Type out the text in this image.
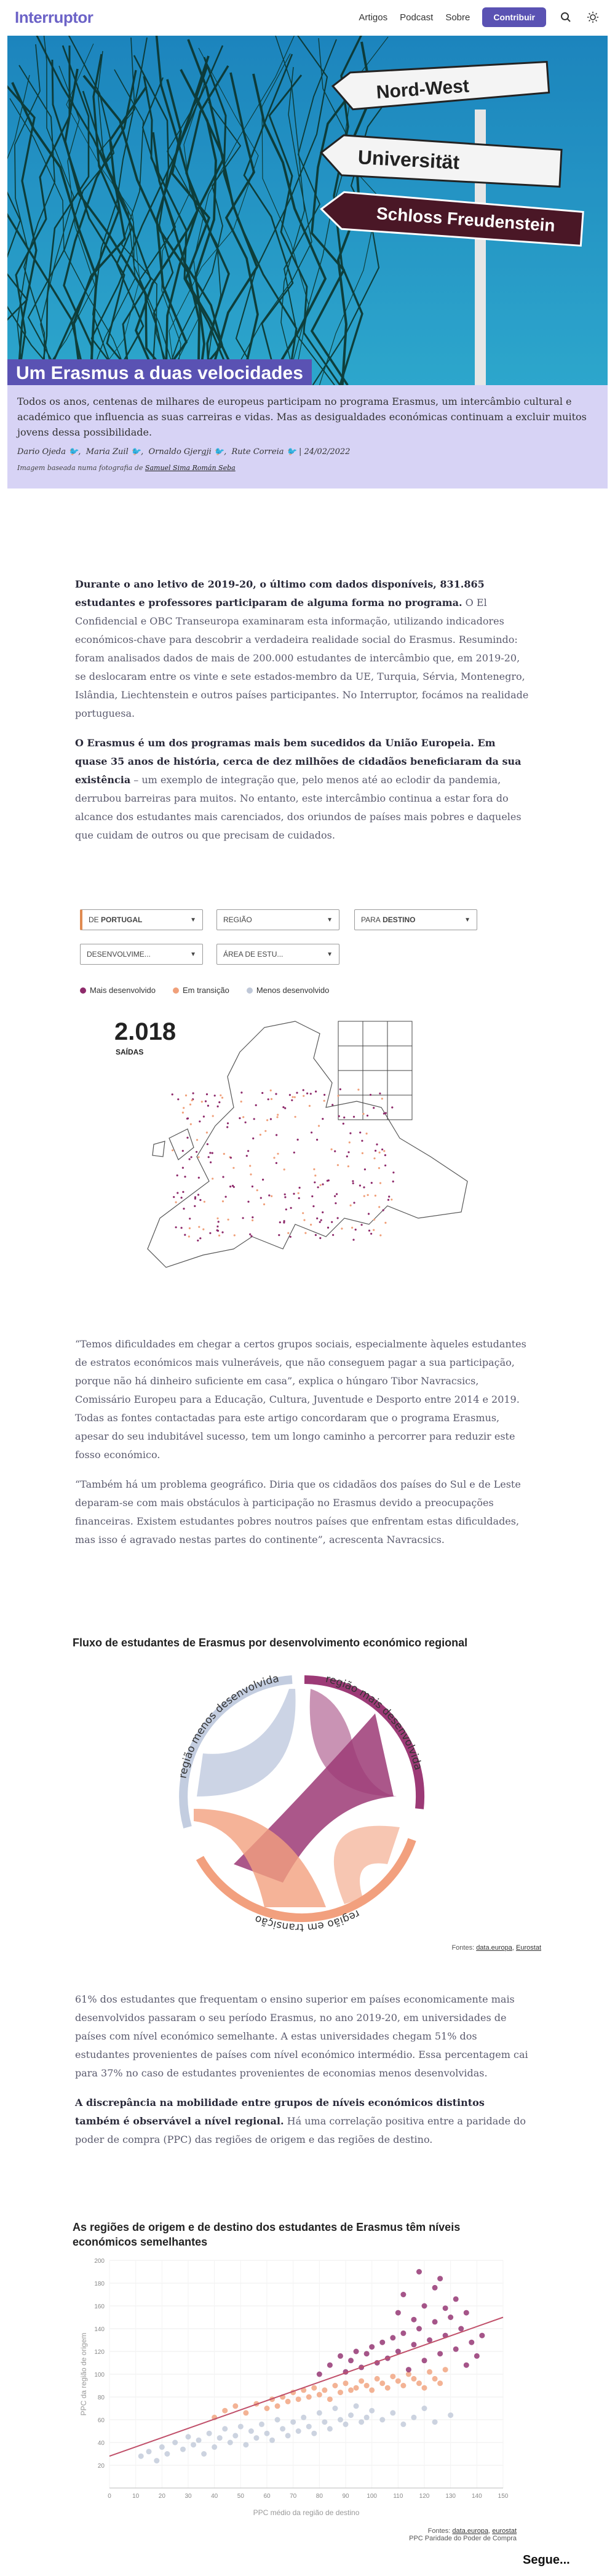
Interruptor	Artigos Podcast Sobre	Contribuir
Nord-West
Universität
Schloss Freudenstein
Um Erasmus a duas velocidades

Todos os anos, centenas de milhares de europeus participam no programa Erasmus, um intercâmbio cultural e académico que influencia as suas carreiras e vidas. Mas as desigualdades económicas continuam a excluir muitos jovens dessa possibilidade.

Dario Ojeda 🐦,  Maria Zuil 🐦,  Ornaldo Gjergji 🐦,  Rute Correia 🐦 | 24/02/2022
Imagem baseada numa fotografia de Samuel Sima Román Seba

Durante o ano letivo de 2019-20, o último com dados disponíveis, 831.865 estudantes e professores participaram de alguma forma no programa. O El Confidencial e OBC Transeuropa examinaram esta informação, utilizando indicadores económicos-chave para descobrir a verdadeira realidade social do Erasmus. Resumindo: foram analisados dados de mais de 200.000 estudantes de intercâmbio que, em 2019-20, se deslocaram entre os vinte e sete estados-membro da UE, Turquia, Sérvia, Montenegro, Islândia, Liechtenstein e outros países participantes. No Interruptor, focámos na realidade portuguesa.

O Erasmus é um dos programas mais bem sucedidos da União Europeia. Em quase 35 anos de história, cerca de dez milhões de cidadãos beneficiaram da sua existência – um exemplo de integração que, pelo menos até ao eclodir da pandemia, derrubou barreiras para muitos. No entanto, este intercâmbio continua a estar fora do alcance dos estudantes mais carenciados, dos oriundos de países mais pobres e daqueles que cuidam de outros ou que precisam de cuidados.

DE
PORTUGAL	▼	REGIÃO	▼	PARA
DESTINO	▼
DESENVOLVIME...	▼	ÁREA DE ESTU...	▼
Mais desenvolvido	Em transição	Menos desenvolvido
2.018
SAÍDAS

“Temos dificuldades em chegar a certos grupos sociais, especialmente àqueles estudantes de estratos económicos mais vulneráveis, que não conseguem pagar a sua participação, porque não há dinheiro suficiente em casa”, explica o húngaro Tibor Navracsics, Comissário Europeu para a Educação, Cultura, Juventude e Desporto entre 2014 e 2019. Todas as fontes contactadas para este artigo concordaram que o programa Erasmus, apesar do seu indubitável sucesso, tem um longo caminho a percorrer para reduzir este fosso económico.

“Também há um problema geográfico. Diria que os cidadãos dos países do Sul e de Leste deparam-se com mais obstáculos à participação no Erasmus devido a preocupações financeiras. Existem estudantes pobres noutros países que enfrentam estas dificuldades, mas isso é agravado nestas partes do continente”, acrescenta Navracsics.

Fluxo de estudantes de Erasmus por desenvolvimento económico regional
região mais desenvolvida
região em transição
região menos desenvolvida
Fontes: data.europa, Eurostat

61% dos estudantes que frequentam o ensino superior em países economicamente mais desenvolvidos passaram o seu período Erasmus, no ano 2019-20, em universidades de países com nível económico semelhante. A estas universidades chegam 51% dos estudantes provenientes de países com nível económico intermédio. Essa percentagem cai para 37% no caso de estudantes provenientes de economias menos desenvolvidas.

A discrepância na mobilidade entre grupos de níveis económicos distintos também é observável a nível regional. Há uma correlação positiva entre a paridade do poder de compra (PPC) das regiões de origem e das regiões de destino.

As regiões de origem e de destino dos estudantes de Erasmus têm níveis económicos semelhantes
20
40
60
80
100
120
140
160
180
200
0	10	20	30	40	50	60	70	80	90	100	110	120	130	140	150
PPC médio da região de destino
PPC da região de origem
Fontes: data.europa, eurostat
PPC Paridade do Poder de Compra
Segue...
